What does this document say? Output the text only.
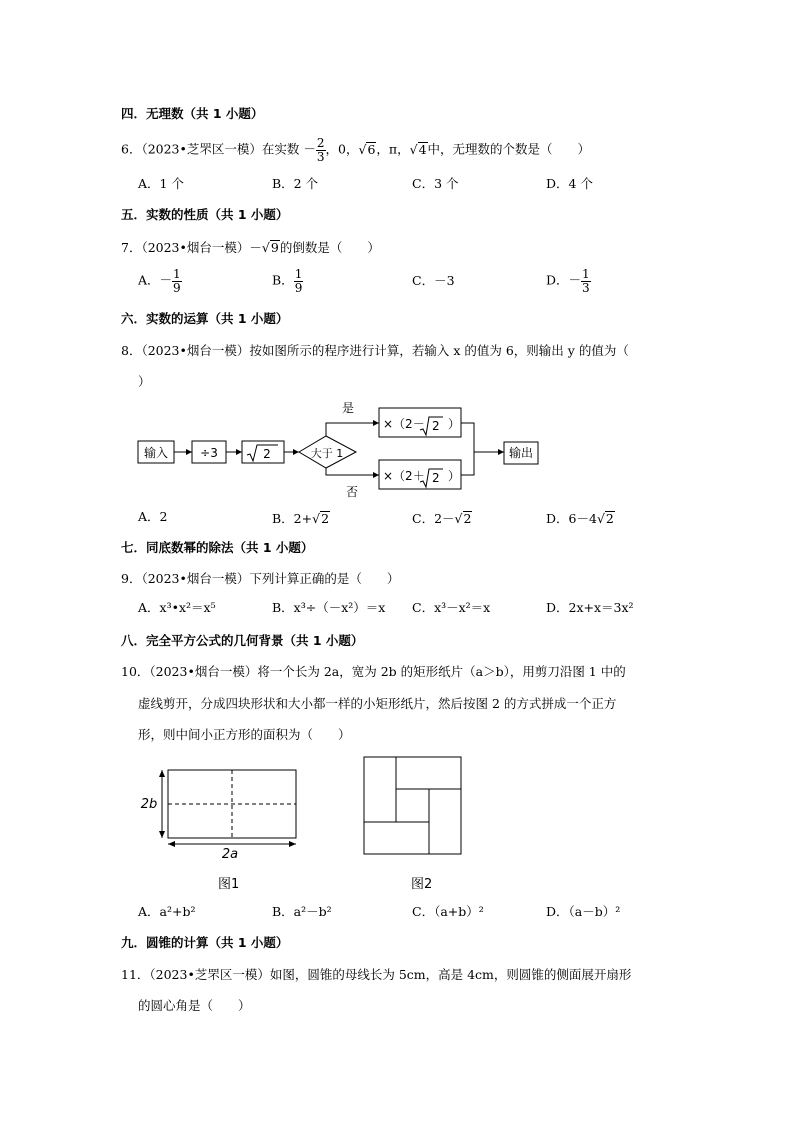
四．无理数（共 1 小题）
6．（2023•芝罘区一模）在实数 － $\frac{2}{3}$ ，0，√6，π，√4中，无理数的个数是（　　）
A．1 个	B．2 个	C．3 个	D．4 个
五．实数的性质（共 1 小题）
7．（2023•烟台一模）－√9的倒数是（　　）
A．－ $\frac{1}{9}$	B． $\frac{1}{9}$	C．－3	D．－ $\frac{1}{3}$
六．实数的运算（共 1 小题）
8．（2023•烟台一模）按如图所示的程序进行计算，若输入 x 的值为 6，则输出 y 的值为（
）
输入	÷3	2	大于 1
是
否
×（2－ 2 ）
×（2＋ 2 ）
输出
A．2	B．2+√2	C．2－√2	D．6－4√2
七．同底数幂的除法（共 1 小题）
9．（2023•烟台一模）下列计算正确的是（　　）
A．x³•x²＝x⁵	B．x³÷（－x²）＝x C．x³－x²＝x	D．2x+x＝3x²
八．完全平方公式的几何背景（共 1 小题）
10．（2023•烟台一模）将一个长为 2a，宽为 2b 的矩形纸片（a＞b），用剪刀沿图 1 中的
虚线剪开，分成四块形状和大小都一样的小矩形纸片，然后按图 2 的方式拼成一个正方
形，则中间小正方形的面积为（　　）
2b
2a
图1	图2
A．a²+b²	B．a²－b²	C．（a+b）²	D．（a－b）²
九．圆锥的计算（共 1 小题）
11．（2023•芝罘区一模）如图，圆锥的母线长为 5cm，高是 4cm，则圆锥的侧面展开扇形
的圆心角是（　　）
